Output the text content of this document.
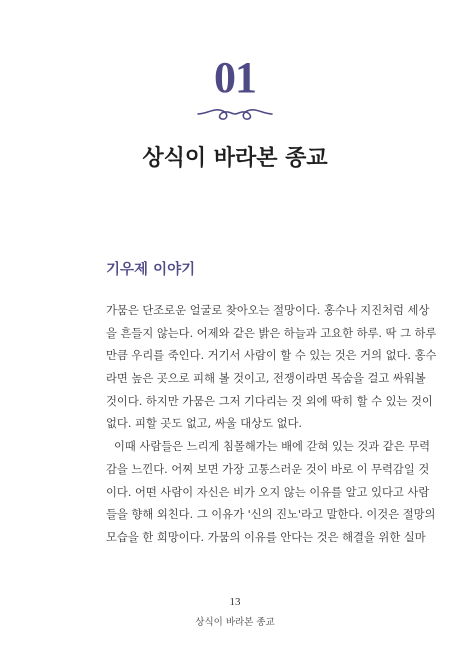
01
상식이 바라본 종교
기우제 이야기
가뭄은 단조로운 얼굴로 찾아오는 절망이다. 홍수나 지진처럼 세상
을 흔들지 않는다. 어제와 같은 밝은 하늘과 고요한 하루. 딱 그 하루
만큼 우리를 죽인다. 거기서 사람이 할 수 있는 것은 거의 없다. 홍수
라면 높은 곳으로 피해 볼 것이고, 전쟁이라면 목숨을 걸고 싸워볼
것이다. 하지만 가뭄은 그저 기다리는 것 외에 딱히 할 수 있는 것이
없다. 피할 곳도 없고, 싸울 대상도 없다.
이때 사람들은 느리게 침몰해가는 배에 갇혀 있는 것과 같은 무력
감을 느낀다. 어찌 보면 가장 고통스러운 것이 바로 이 무력감일 것
이다. 어떤 사람이 자신은 비가 오지 않는 이유를 알고 있다고 사람
들을 향해 외친다. 그 이유가 '신의 진노'라고 말한다. 이것은 절망의
모습을 한 희망이다. 가뭄의 이유를 안다는 것은 해결을 위한 실마
13
상식이 바라본 종교
